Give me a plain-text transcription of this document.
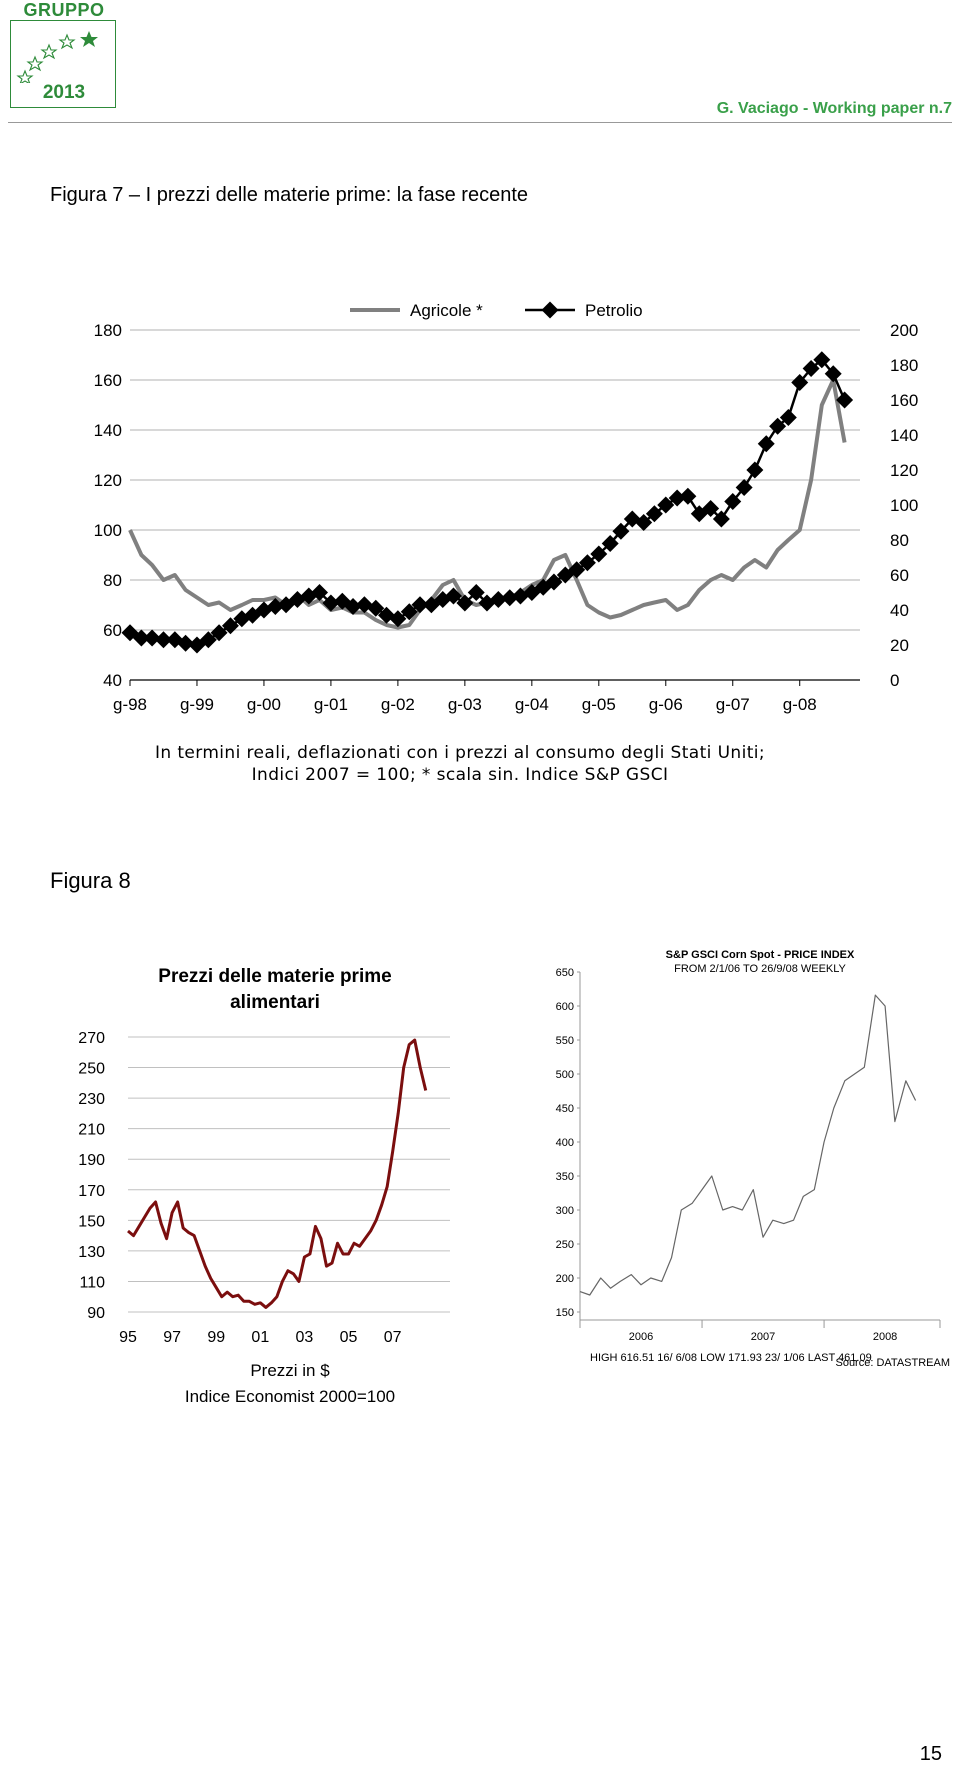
GRUPPO
2013
G. Vaciago - Working paper n.7
Figura 7 – I prezzi delle materie prime: la fase recente
40
60
80
100
120
140
160
180
0
20
40
60
80
100
120
140
160
180
200
g-98 g-99 g-00 g-01 g-02 g-03 g-04 g-05 g-06 g-07 g-08
Agricole *	Petrolio
In termini reali, deflazionati con i prezzi al consumo degli Stati Uniti;
Indici 2007 = 100; * scala sin. Indice S&P GSCI
Figura 8
Prezzi delle materie prime
alimentari
90
110
130
150
170
190
210
230
250
270
95 97 99 01 03 05 07
Prezzi in $
Indice Economist 2000=100
S&P GSCI Corn Spot - PRICE INDEX
FROM 2/1/06 TO 26/9/08 WEEKLY
150
200
250
300
350
400
450
500
550
600
650
2006	2007	2008
HIGH 616.51 16/ 6/08 LOW 171.93 23/ 1/06 LAST 461.09
Source: DATASTREAM
15
